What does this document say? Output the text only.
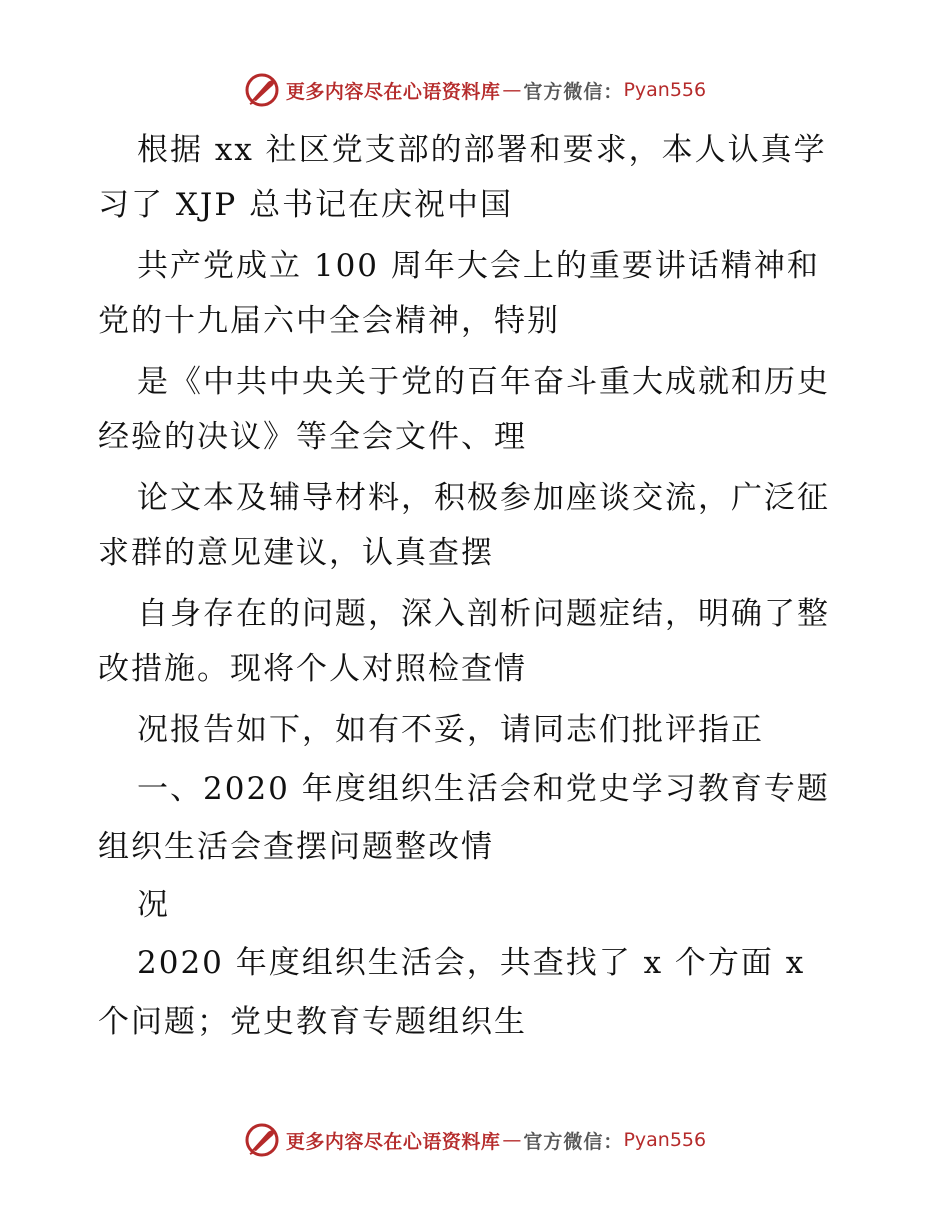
更多内容尽在心语资料库 — 官方微信： Pyan556
根据 xx 社区党支部的部署和要求，本人认真学
习了 XJP 总书记在庆祝中国
共产党成立 100 周年大会上的重要讲话精神和
党的十九届六中全会精神，特别
是《中共中央关于党的百年奋斗重大成就和历史
经验的决议》等全会文件、理
论文本及辅导材料，积极参加座谈交流，广泛征
求群的意见建议，认真查摆
自身存在的问题，深入剖析问题症结，明确了整
改措施。现将个人对照检查情
况报告如下，如有不妥，请同志们批评指正
一、2020 年度组织生活会和党史学习教育专题
组织生活会查摆问题整改情
况
2020 年度组织生活会，共查找了 x 个方面 x
个问题；党史教育专题组织生
更多内容尽在心语资料库 — 官方微信： Pyan556
